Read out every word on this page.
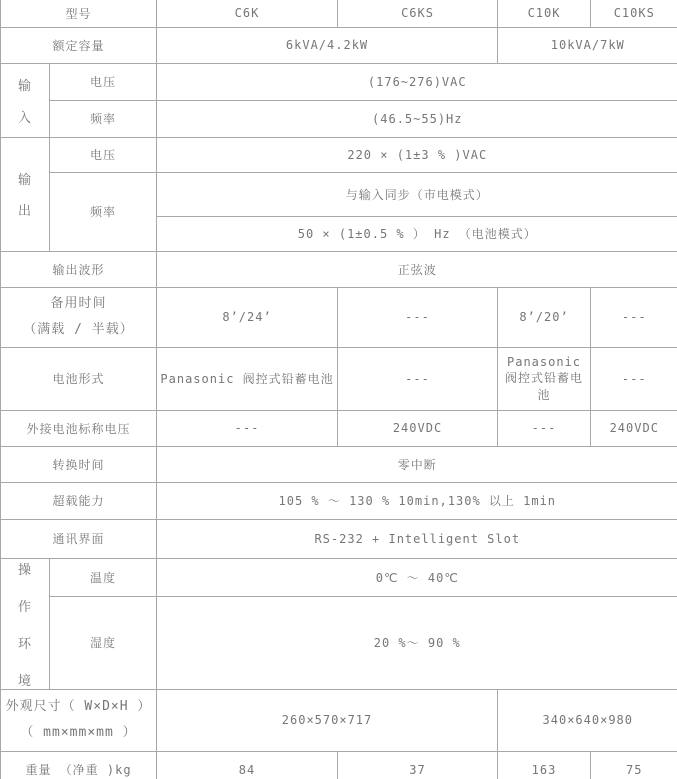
型号		C6K	C6KS	C10K	C10KS
额定容量		6kVA/4.2kW		10kVA/7kW	

输
入	电压	(176~276)VAC			
	频率	(46.5~55)Hz			

输
出	电压	220 × (1±3 % )VAC			
	频率	与输入同步（市电模式）			
		50 × (1±0.5 % ） Hz （电池模式）			
输出波形		正弦波			

备用时间
（满载 / 半载）		8’/24’	---	8’/20’	---
电池形式		Panasonic 阀控式铅蓄电池	---	Panasonic 阀控式铅蓄电池	---
外接电池标称电压		---	240VDC	---	240VDC
转换时间		零中断			
超载能力		105 % ～ 130 % 10min,130% 以上 1min			
通讯界面		RS-232 + Intelligent Slot			

操
作
环
境	温度	0℃ ～ 40℃			
	湿度	20 %～ 90 %			

外观尺寸（ W×D×H ）
（ mm×mm×mm ）		260×570×717		340×640×980	
重量 （净重 )kg		84	37	163	75
